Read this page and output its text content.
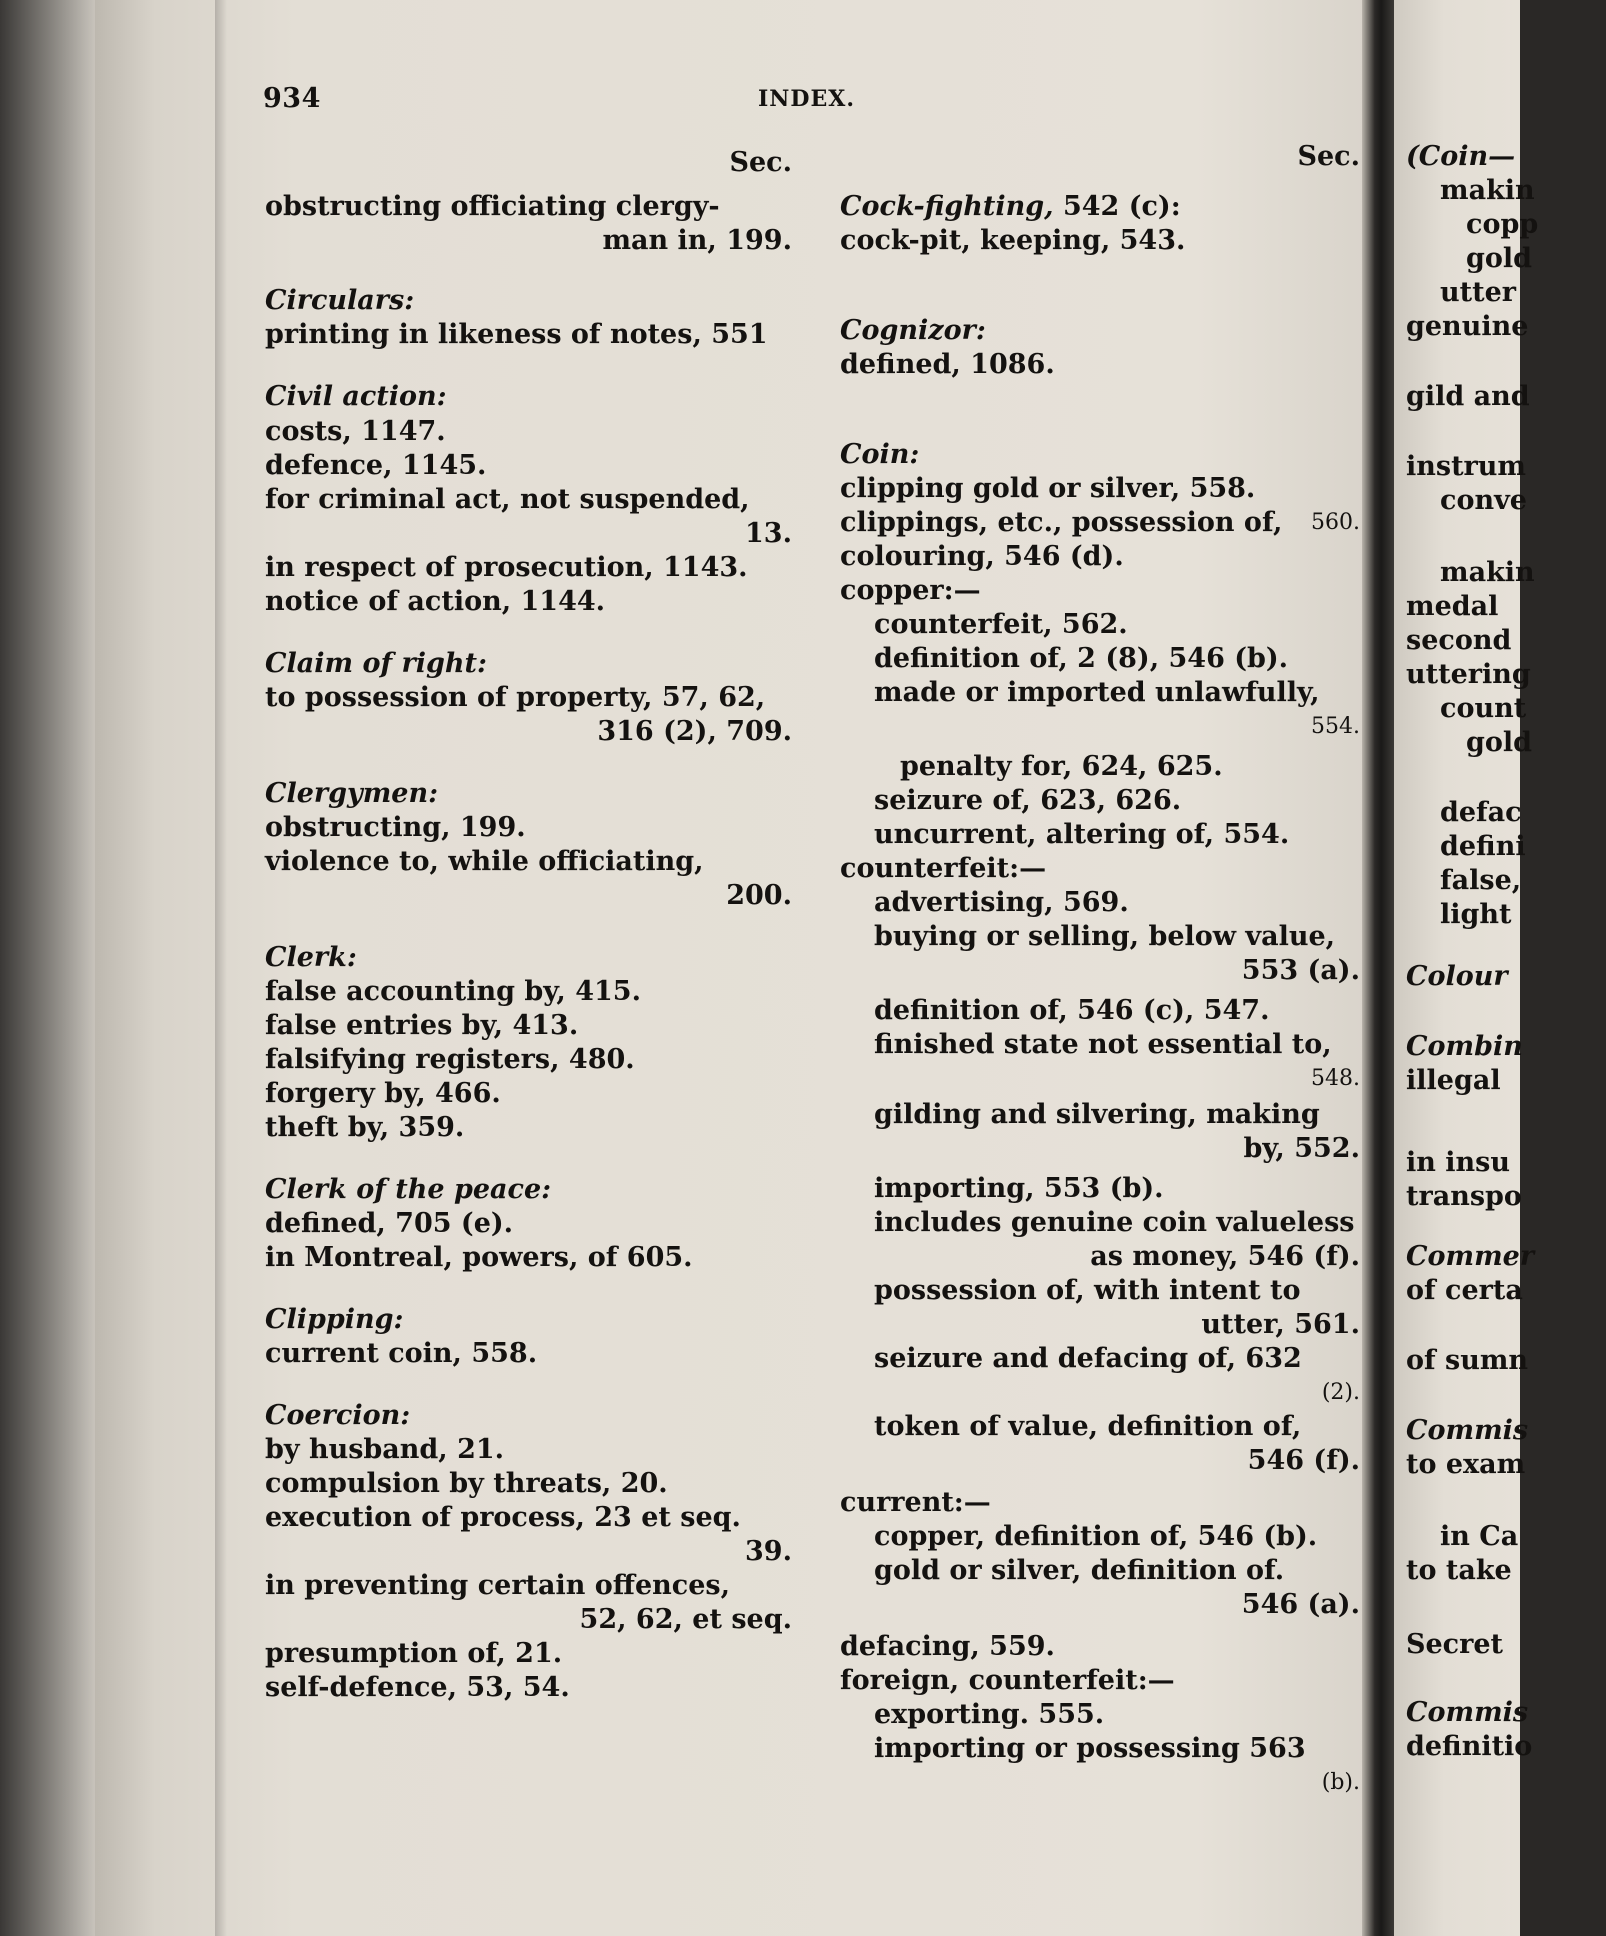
934	INDEX.
Sec.
obstructing officiating clergy-
man in, 199.
Circulars:
printing in likeness of notes, 551
Civil action:
costs, 1147.
defence, 1145.
for criminal act, not suspended,
13.
in respect of prosecution, 1143.
notice of action, 1144.
Claim of right:
to possession of property, 57, 62,
316 (2), 709.
Clergymen:
obstructing, 199.
violence to, while officiating,
200.
Clerk:
false accounting by, 415.
false entries by, 413.
falsifying registers, 480.
forgery by, 466.
theft by, 359.
Clerk of the peace:
defined, 705 (e).
in Montreal, powers, of 605.
Clipping:
current coin, 558.
Coercion:
by husband, 21.
compulsion by threats, 20.
execution of process, 23 et seq.
39.
in preventing certain offences,
52, 62, et seq.
presumption of, 21.
self-defence, 53, 54.
Sec.
Cock-fighting, 542 (c):
cock-pit, keeping, 543.
Cognizor:
defined, 1086.
Coin:
clipping gold or silver, 558.
clippings, etc., possession of, 560.
colouring, 546 (d).
copper:—
counterfeit, 562.
definition of, 2 (8), 546 (b).
made or imported unlawfully,
554.
penalty for, 624, 625.
seizure of, 623, 626.
uncurrent, altering of, 554.
counterfeit:—
advertising, 569.
buying or selling, below value,
553 (a).
definition of, 546 (c), 547.
finished state not essential to,
548.
gilding and silvering, making
by, 552.
importing, 553 (b).
includes genuine coin valueless
as money, 546 (f).
possession of, with intent to
utter, 561.
seizure and defacing of, 632
(2).
token of value, definition of,
546 (f).
current:—
copper, definition of, 546 (b).
gold or silver, definition of.
546 (a).
defacing, 559.
foreign, counterfeit:—
exporting. 555.
importing or possessing 563
(b).
(Coin—
makin
copp
gold
utter
genuine
gild and
instrum
conve
makin
medal
second
uttering
count
gold
defac
defini
false,
light
Colour
Combin
illegal
in insu
transpo
Commer
of certa
of sumn
Commis
to exam
in Ca
to take
Secret
Commis
definitio
